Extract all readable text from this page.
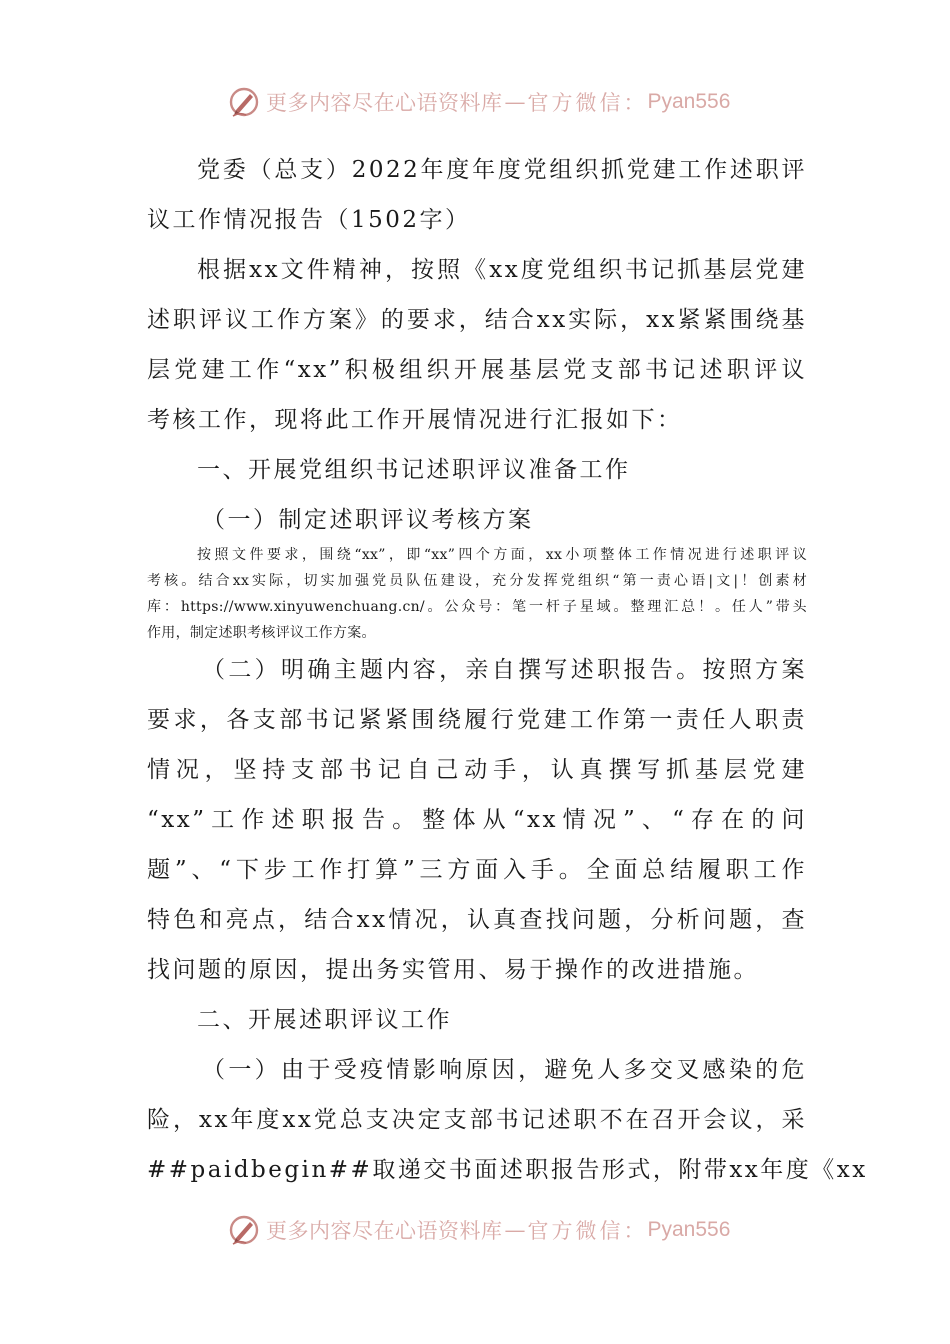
更多内容尽在心语资料库 — 官方微信： Pyan556
党委（总支）2022年度年度党组织抓党建工作述职评
议工作情况报告（1502字）
根据xx文件精神，按照《xx度党组织书记抓基层党建
述职评议工作方案》的要求，结合xx实际，xx紧紧围绕基
层党建工作“xx”积极组织开展基层党支部书记述职评议
考核工作，现将此工作开展情况进行汇报如下：
一、开展党组织书记述职评议准备工作
（一）制定述职评议考核方案
按照文件要求，围绕“xx”，即“xx”四个方面，xx小项整体工作情况进行述职评议
考核。结合xx实际，切实加强党员队伍建设，充分发挥党组织“第一责心语|文|！创素材
库：https://www.xinyuwenchuang.cn/。公众号：笔一杆子星域。整理汇总！。任人”带头
作用，制定述职考核评议工作方案。
（二）明确主题内容，亲自撰写述职报告。按照方案
要求，各支部书记紧紧围绕履行党建工作第一责任人职责
情况，坚持支部书记自己动手，认真撰写抓基层党建
“xx”工作述职报告。整体从“xx情况”、“存在的问
题”、“下步工作打算”三方面入手。全面总结履职工作
特色和亮点，结合xx情况，认真查找问题，分析问题，查
找问题的原因，提出务实管用、易于操作的改进措施。
二、开展述职评议工作
（一）由于受疫情影响原因，避免人多交叉感染的危
险，xx年度xx党总支决定支部书记述职不在召开会议，采
##paidbegin##取递交书面述职报告形式，附带xx年度《xx
更多内容尽在心语资料库 — 官方微信： Pyan556
